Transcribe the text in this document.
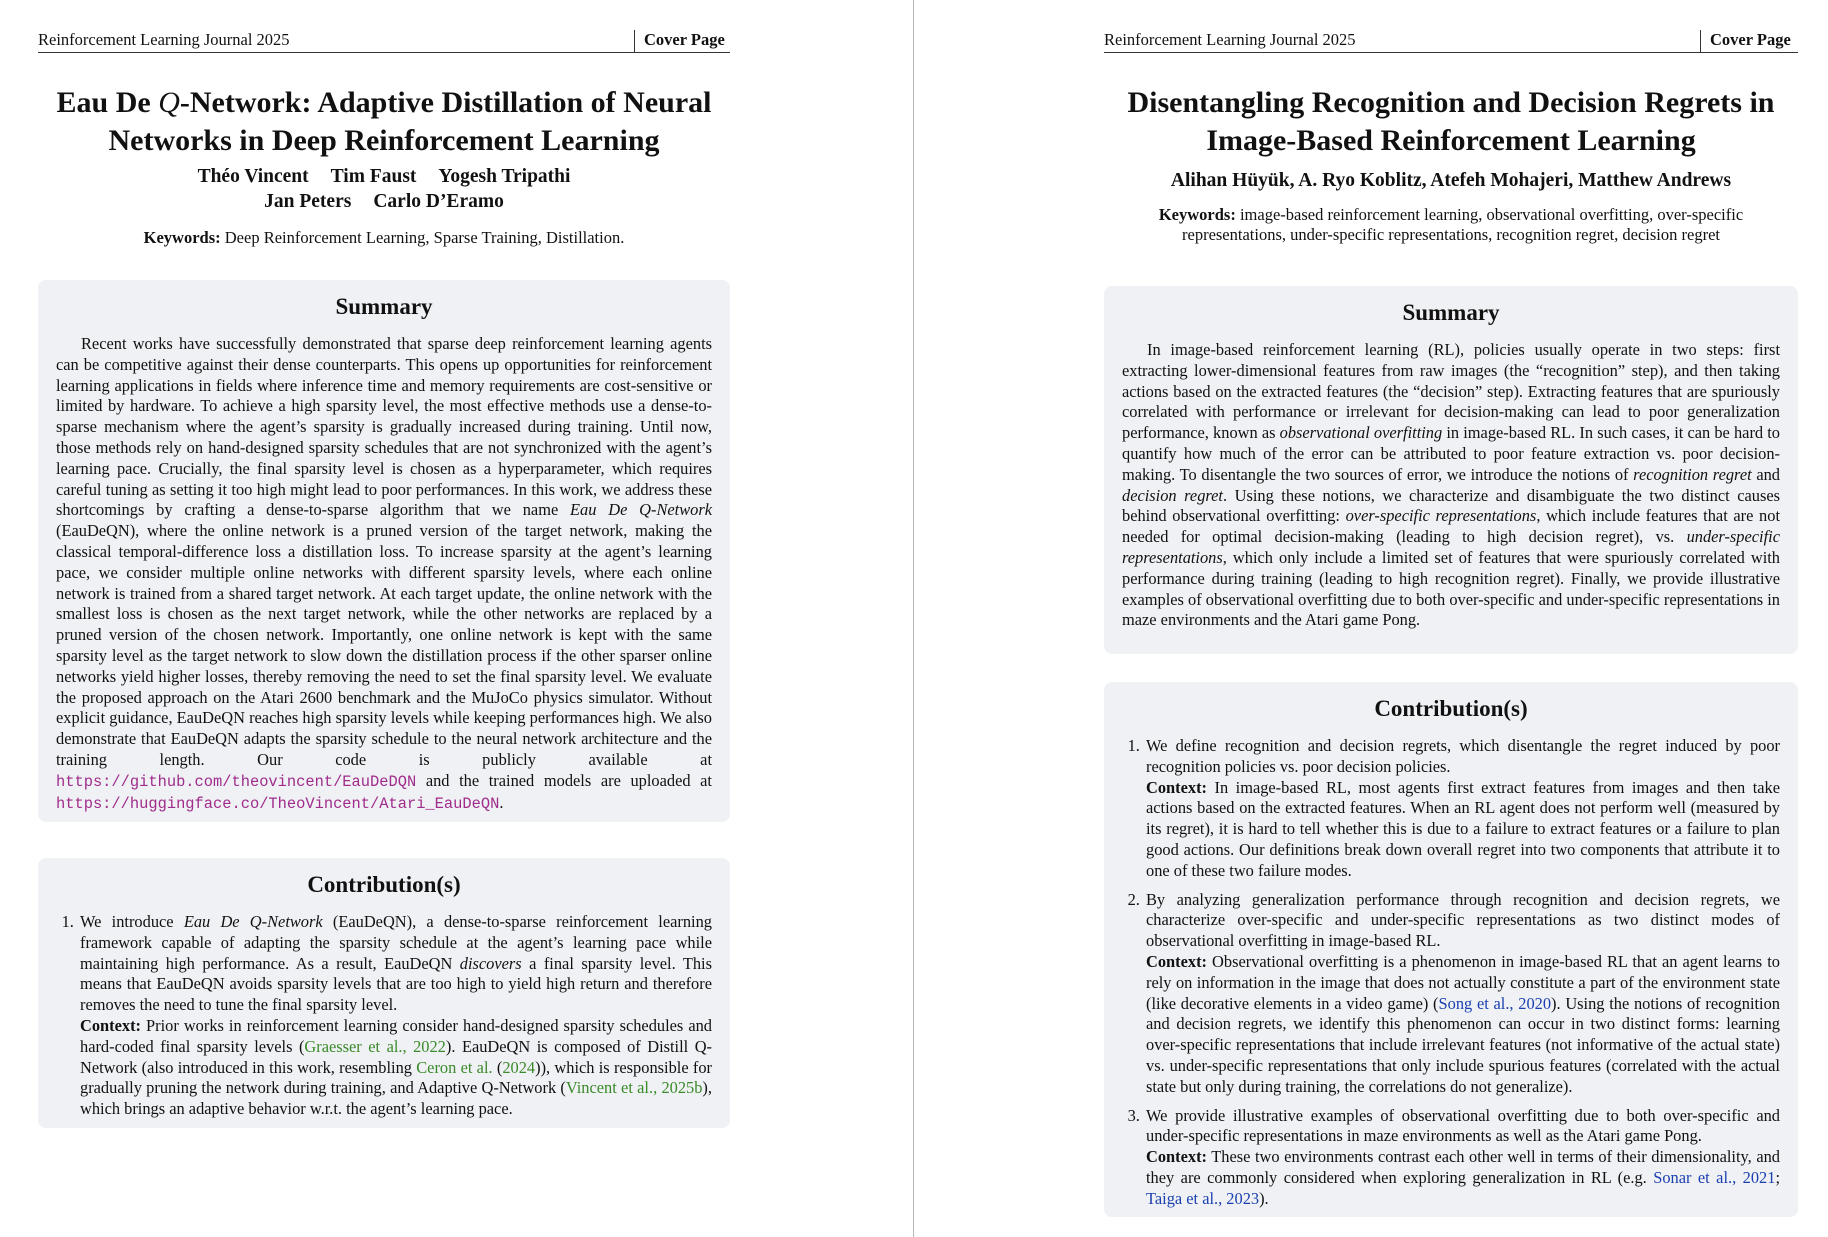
Reinforcement Learning Journal 2025	Cover Page
Eau De Q-Network: Adaptive Distillation of Neural Networks in Deep Reinforcement Learning
Théo Vincent Tim Faust Yogesh Tripathi
Jan Peters Carlo D’Eramo
Keywords: Deep Reinforcement Learning, Sparse Training, Distillation.
Summary

Recent works have successfully demonstrated that sparse deep reinforcement learning agents can be competitive against their dense counterparts. This opens up opportunities for reinforcement learning applications in fields where inference time and memory requirements are cost-sensitive or limited by hardware. To achieve a high sparsity level, the most effective methods use a dense-to-sparse mechanism where the agent’s sparsity is gradually increased during training. Until now, those methods rely on hand-designed sparsity schedules that are not synchronized with the agent’s learning pace. Crucially, the final sparsity level is chosen as a hyperparameter, which requires careful tuning as setting it too high might lead to poor performances. In this work, we address these shortcomings by crafting a dense-to-sparse algorithm that we name Eau De Q-Network (EauDeQN), where the online network is a pruned version of the target network, making the classical temporal-difference loss a distillation loss. To increase sparsity at the agent’s learning pace, we consider multiple online networks with different sparsity levels, where each online network is trained from a shared target network. At each target update, the online network with the smallest loss is chosen as the next target network, while the other networks are replaced by a pruned version of the chosen network. Importantly, one online network is kept with the same sparsity level as the target network to slow down the distillation process if the other sparser online networks yield higher losses, thereby removing the need to set the final sparsity level. We evaluate the proposed approach on the Atari 2600 benchmark and the MuJoCo physics simulator. Without explicit guidance, EauDeQN reaches high sparsity levels while keeping performances high. We also demonstrate that EauDeQN adapts the sparsity schedule to the neural network architecture and the training length. Our code is publicly available at https://github.com/theovincent/EauDeDQN and the trained models are uploaded at https://huggingface.co/TheoVincent/Atari_EauDeQN.

Contribution(s)
1. We introduce Eau De Q-Network (EauDeQN), a dense-to-sparse reinforcement learning framework capable of adapting the sparsity schedule at the agent’s learning pace while maintaining high performance. As a result, EauDeQN discovers a final sparsity level. This means that EauDeQN avoids sparsity levels that are too high to yield high return and therefore removes the need to tune the final sparsity level.
Context: Prior works in reinforcement learning consider hand-designed sparsity schedules and hard-coded final sparsity levels (Graesser et al., 2022). EauDeQN is composed of Distill Q-Network (also introduced in this work, resembling Ceron et al. (2024)), which is responsible for gradually pruning the network during training, and Adaptive Q-Network (Vincent et al., 2025b), which brings an adaptive behavior w.r.t. the agent’s learning pace.
Reinforcement Learning Journal 2025	Cover Page
Disentangling Recognition and Decision Regrets in Image-Based Reinforcement Learning
Alihan Hüyük, A. Ryo Koblitz, Atefeh Mohajeri, Matthew Andrews
Keywords: image-based reinforcement learning, observational overfitting, over-specific representations, under-specific representations, recognition regret, decision regret
Summary

In image-based reinforcement learning (RL), policies usually operate in two steps: first extracting lower-dimensional features from raw images (the “recognition” step), and then taking actions based on the extracted features (the “decision” step). Extracting features that are spuriously correlated with performance or irrelevant for decision-making can lead to poor generalization performance, known as observational overfitting in image-based RL. In such cases, it can be hard to quantify how much of the error can be attributed to poor feature extraction vs. poor decision-making. To disentangle the two sources of error, we introduce the notions of recognition regret and decision regret. Using these notions, we characterize and disambiguate the two distinct causes behind observational overfitting: over-specific representations, which include features that are not needed for optimal decision-making (leading to high decision regret), vs. under-specific representations, which only include a limited set of features that were spuriously correlated with performance during training (leading to high recognition regret). Finally, we provide illustrative examples of observational overfitting due to both over-specific and under-specific representations in maze environments and the Atari game Pong.

Contribution(s)
1. We define recognition and decision regrets, which disentangle the regret induced by poor recognition policies vs. poor decision policies.
Context: In image-based RL, most agents first extract features from images and then take actions based on the extracted features. When an RL agent does not perform well (measured by its regret), it is hard to tell whether this is due to a failure to extract features or a failure to plan good actions. Our definitions break down overall regret into two components that attribute it to one of these two failure modes.
2. By analyzing generalization performance through recognition and decision regrets, we characterize over-specific and under-specific representations as two distinct modes of observational overfitting in image-based RL.
Context: Observational overfitting is a phenomenon in image-based RL that an agent learns to rely on information in the image that does not actually constitute a part of the environment state (like decorative elements in a video game) (Song et al., 2020). Using the notions of recognition and decision regrets, we identify this phenomenon can occur in two distinct forms: learning over-specific representations that include irrelevant features (not informative of the actual state) vs. under-specific representations that only include spurious features (correlated with the actual state but only during training, the correlations do not generalize).
3. We provide illustrative examples of observational overfitting due to both over-specific and under-specific representations in maze environments as well as the Atari game Pong.
Context: These two environments contrast each other well in terms of their dimensionality, and they are commonly considered when exploring generalization in RL (e.g. Sonar et al., 2021; Taiga et al., 2023).
